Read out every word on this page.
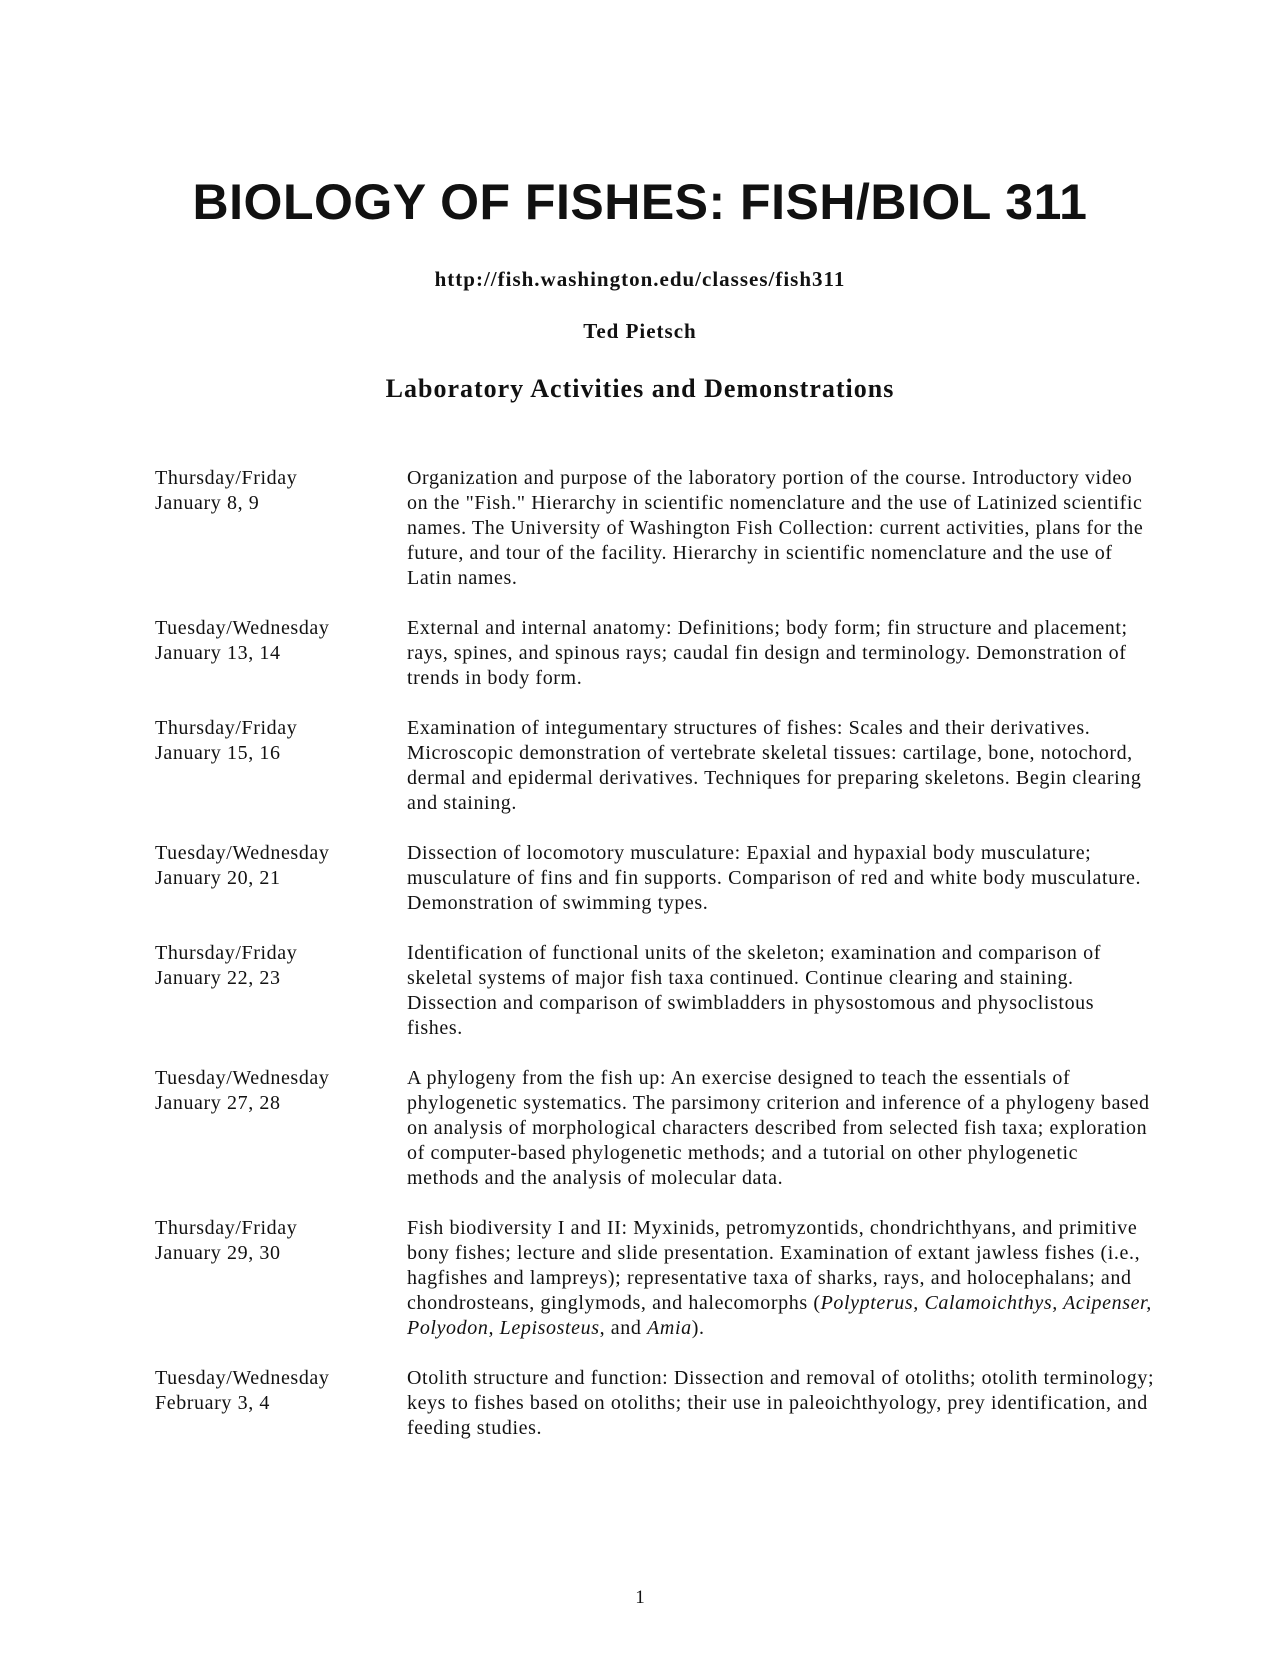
BIOLOGY OF FISHES: FISH/BIOL 311
http://fish.washington.edu/classes/fish311
Ted Pietsch
Laboratory Activities and Demonstrations
Thursday/Friday
January 8, 9
Organization and purpose of the laboratory portion of the course. Introductory video on the "Fish." Hierarchy in scientific nomenclature and the use of Latinized scientific names. The University of Washington Fish Collection: current activities, plans for the future, and tour of the facility. Hierarchy in scientific nomenclature and the use of Latin names.
Tuesday/Wednesday
January 13, 14
External and internal anatomy: Definitions; body form; fin structure and placement; rays, spines, and spinous rays; caudal fin design and terminology. Demonstration of trends in body form.
Thursday/Friday
January 15, 16
Examination of integumentary structures of fishes: Scales and their derivatives. Microscopic demonstration of vertebrate skeletal tissues: cartilage, bone, notochord, dermal and epidermal derivatives. Techniques for preparing skeletons. Begin clearing and staining.
Tuesday/Wednesday
January 20, 21
Dissection of locomotory musculature: Epaxial and hypaxial body musculature; musculature of fins and fin supports. Comparison of red and white body musculature. Demonstration of swimming types.
Thursday/Friday
January 22, 23
Identification of functional units of the skeleton; examination and comparison of skeletal systems of major fish taxa continued. Continue clearing and staining. Dissection and comparison of swimbladders in physostomous and physoclistous fishes.
Tuesday/Wednesday
January 27, 28
A phylogeny from the fish up: An exercise designed to teach the essentials of phylogenetic systematics. The parsimony criterion and inference of a phylogeny based on analysis of morphological characters described from selected fish taxa; exploration of computer-based phylogenetic methods; and a tutorial on other phylogenetic methods and the analysis of molecular data.
Thursday/Friday
January 29, 30
Fish biodiversity I and II: Myxinids, petromyzontids, chondrichthyans, and primitive bony fishes; lecture and slide presentation. Examination of extant jawless fishes (i.e., hagfishes and lampreys); representative taxa of sharks, rays, and holocephalans; and chondrosteans, ginglymods, and halecomorphs (Polypterus, Calamoichthys, Acipenser, Polyodon, Lepisosteus, and Amia).
Tuesday/Wednesday
February 3, 4
Otolith structure and function: Dissection and removal of otoliths; otolith terminology; keys to fishes based on otoliths; their use in paleoichthyology, prey identification, and feeding studies.
1
